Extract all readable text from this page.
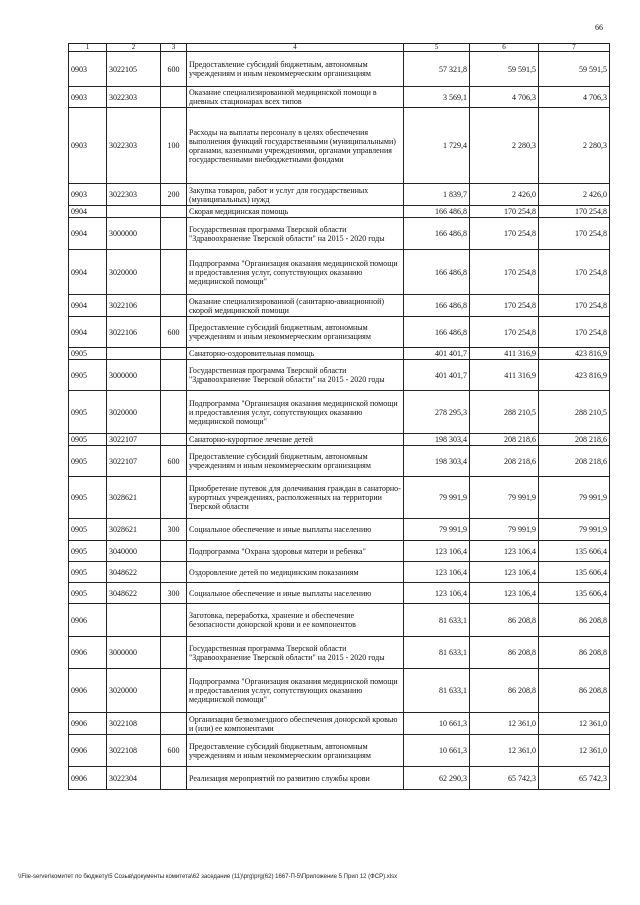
66
1	2	3	4	5	6	7
0903	3022105	600	Предоставление субсидий бюджетным, автономным учреждениям и иным некоммерческим организациям	57 321,8	59 591,5	59 591,5
0903	3022303		Оказание специализированной медицинской помощи в дневных стационарах всех типов	3 569,1	4 706,3	4 706,3
0903	3022303	100	Расходы на выплаты персоналу в целях обеспечения выполнения функций государственными (муниципальными) органами, казенными учреждениями, органами управления государственными внебюджетными фондами	1 729,4	2 280,3	2 280,3
0903	3022303	200	Закупка товаров, работ и услуг для государственных (муниципальных) нужд	1 839,7	2 426,0	2 426,0
0904			Скорая медицинская помощь	166 486,8	170 254,8	170 254,8
0904	3000000		Государственная программа Тверской области "Здравоохранение Тверской области" на 2015 - 2020 годы	166 486,8	170 254,8	170 254,8
0904	3020000		Подпрограмма "Организация оказания медицинской помощи и предоставления услуг, сопутствующих оказанию медицинской помощи"	166 486,8	170 254,8	170 254,8
0904	3022106		Оказание специализированной (санитарно-авиационной) скорой медицинской помощи	166 486,8	170 254,8	170 254,8
0904	3022106	600	Предоставление субсидий бюджетным, автономным учреждениям и иным некоммерческим организациям	166 486,8	170 254,8	170 254,8
0905			Санаторно-оздоровительная помощь	401 401,7	411 316,9	423 816,9
0905	3000000		Государственная программа Тверской области "Здравоохранение Тверской области" на 2015 - 2020 годы	401 401,7	411 316,9	423 816,9
0905	3020000		Подпрограмма "Организация оказания медицинской помощи и предоставления услуг, сопутствующих оказанию медицинской помощи"	278 295,3	288 210,5	288 210,5
0905	3022107		Санаторно-курортное лечение детей	198 303,4	208 218,6	208 218,6
0905	3022107	600	Предоставление субсидий бюджетным, автономным учреждениям и иным некоммерческим организациям	198 303,4	208 218,6	208 218,6
0905	3028621		Приобретение путевок для долечивания граждан в санаторно-курортных учреждениях, расположенных на территории Тверской области	79 991,9	79 991,9	79 991,9
0905	3028621	300	Социальное обеспечение и иные выплаты населению	79 991,9	79 991,9	79 991,9
0905	3040000		Подпрограмма "Охрана здоровья матери и ребенка"	123 106,4	123 106,4	135 606,4
0905	3048622		Оздоровление детей по медицинским показаниям	123 106,4	123 106,4	135 606,4
0905	3048622	300	Социальное обеспечение и иные выплаты населению	123 106,4	123 106,4	135 606,4
0906			Заготовка, переработка, хранение и обеспечение безопасности донорской крови и ее компонентов	81 633,1	86 208,8	86 208,8
0906	3000000		Государственная программа Тверской области "Здравоохранение Тверской области" на 2015 - 2020 годы	81 633,1	86 208,8	86 208,8
0906	3020000		Подпрограмма "Организация оказания медицинской помощи и предоставления услуг, сопутствующих оказанию медицинской помощи"	81 633,1	86 208,8	86 208,8
0906	3022108		Организация безвозмездного обеспечения донорской кровью и (или) ее компонентами	10 661,3	12 361,0	12 361,0
0906	3022108	600	Предоставление субсидий бюджетным, автономным учреждениям и иным некоммерческим организациям	10 661,3	12 361,0	12 361,0
0906	3022304		Реализация мероприятий по развитию службы крови	62 290,3	65 742,3	65 742,3
\\File-server\комитет по бюджету\5 Созыв\документы комитета\62 заседание (11)\prg\prg(62) 1667-П-5\Приложение 5 Прил 12 (ФСР).xlsx
